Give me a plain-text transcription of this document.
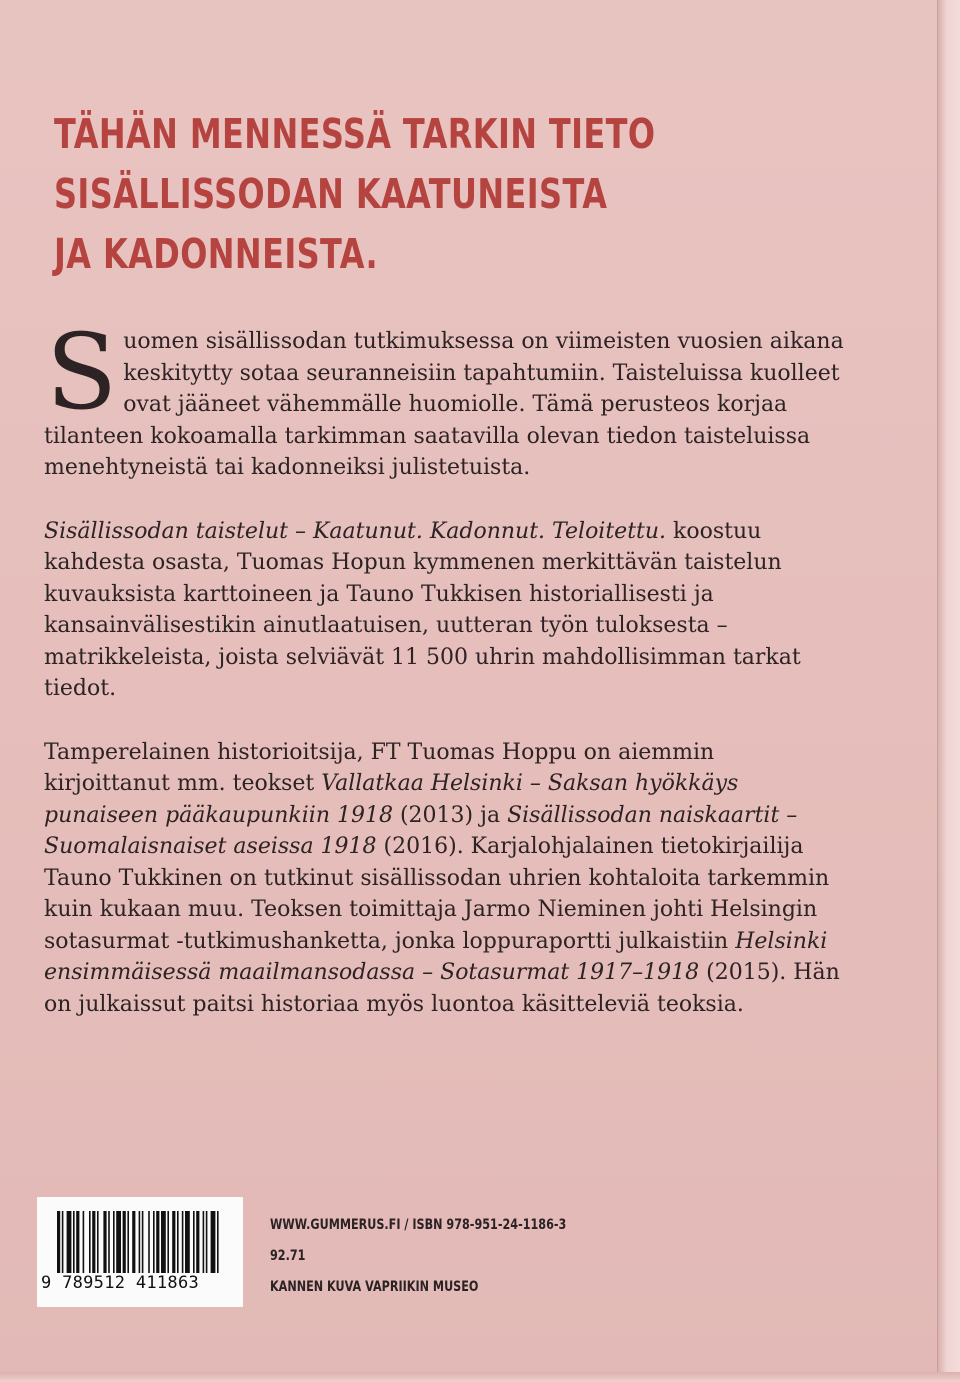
TÄHÄN MENNESSÄ TARKIN TIETO
SISÄLLISSODAN KAATUNEISTA
JA KADONNEISTA.

Suomen sisällissodan tutkimuksessa on viimeisten vuosien aikana keskitytty sotaa seuranneisiin tapahtumiin. Taisteluissa kuolleet ovat jääneet vähemmälle huomiolle. Tämä perusteos korjaa tilanteen kokoamalla tarkimman saatavilla olevan tiedon taisteluissa menehtyneistä tai kadonneiksi julistetuista.

Sisällissodan taistelut – Kaatunut. Kadonnut. Teloitettu. koostuu kahdesta osasta, Tuomas Hopun kymmenen merkittävän taistelun kuvauksista karttoineen ja Tauno Tukkisen historiallisesti ja kansainvälisestikin ainutlaatuisen, uutteran työn tuloksesta – matrikkeleista, joista selviävät 11 500 uhrin mahdollisimman tarkat tiedot.

Tamperelainen historioitsija, FT Tuomas Hoppu on aiemmin kirjoittanut mm. teokset Vallatkaa Helsinki – Saksan hyökkäys punaiseen pääkaupunkiin 1918 (2013) ja Sisällissodan naiskaartit – Suomalaisnaiset aseissa 1918 (2016). Karjalohjalainen tietokirjailija Tauno Tukkinen on tutkinut sisällissodan uhrien kohtaloita tarkemmin kuin kukaan muu. Teoksen toimittaja Jarmo Nieminen johti Helsingin sotasurmat -tutkimushanketta, jonka loppuraportti julkaistiin Helsinki ensimmäisessä maailmansodassa – Sotasurmat 1917–1918 (2015). Hän on julkaissut paitsi historiaa myös luontoa käsitteleviä teoksia.

9 789512 411863
WWW.GUMMERUS.FI / ISBN 978-951-24-1186-3
92.71
KANNEN KUVA VAPRIIKIN MUSEO
